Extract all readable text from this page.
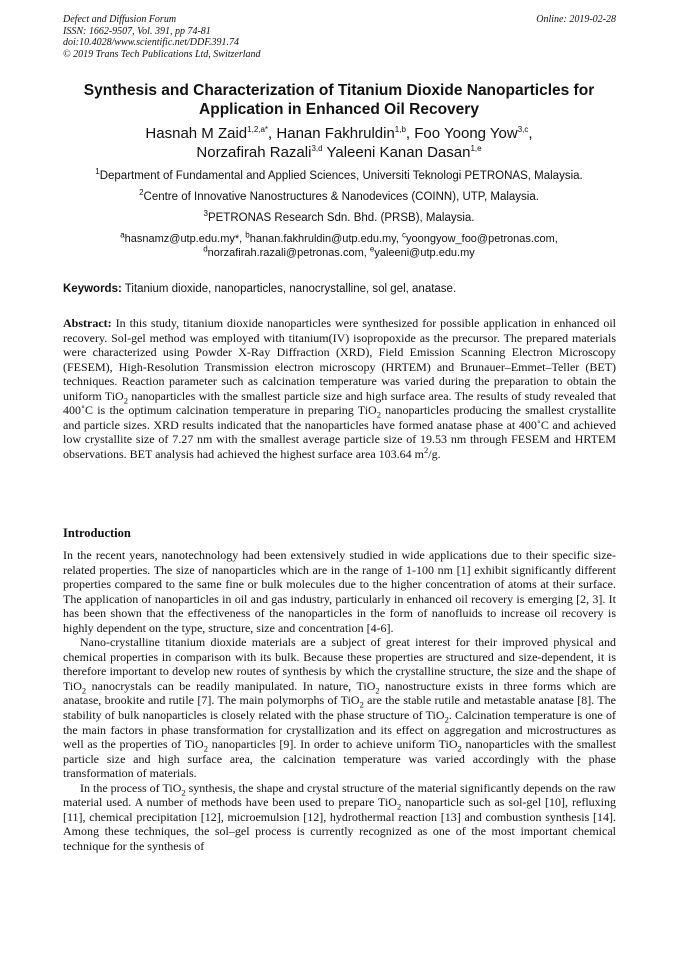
Defect and Diffusion Forum
ISSN: 1662-9507, Vol. 391, pp 74-81
doi:10.4028/www.scientific.net/DDF.391.74
© 2019 Trans Tech Publications Ltd, Switzerland
Online: 2019-02-28
Synthesis and Characterization of Titanium Dioxide Nanoparticles for Application in Enhanced Oil Recovery
Hasnah M Zaid$^{1,2,a*}$, Hanan Fakhruldin$^{1,b}$, Foo Yoong Yow$^{3,c}$,
Norzafirah Razali$^{3,d}$ Yaleeni Kanan Dasan$^{1,e}$
$^1$Department of Fundamental and Applied Sciences, Universiti Teknologi PETRONAS, Malaysia.
$^2$Centre of Innovative Nanostructures & Nanodevices (COINN), UTP, Malaysia.
$^3$PETRONAS Research Sdn. Bhd. (PRSB), Malaysia.
$^a$hasnamz@utp.edu.my*, $^b$hanan.fakhruldin@utp.edu.my, $^c$yoongyow_foo@petronas.com,
$^d$norzafirah.razali@petronas.com, $^e$yaleeni@utp.edu.my
Keywords: Titanium dioxide, nanoparticles, nanocrystalline, sol gel, anatase.
Abstract: In this study, titanium dioxide nanoparticles were synthesized for possible application in enhanced oil recovery. Sol-gel method was employed with titanium(IV) isopropoxide as the precursor. The prepared materials were characterized using Powder X-Ray Diffraction (XRD), Field Emission Scanning Electron Microscopy (FESEM), High-Resolution Transmission electron microscopy (HRTEM) and Brunauer–Emmet–Teller (BET) techniques. Reaction parameter such as calcination temperature was varied during the preparation to obtain the uniform TiO$_2$ nanoparticles with the smallest particle size and high surface area. The results of study revealed that 400˚C is the optimum calcination temperature in preparing TiO$_2$ nanoparticles producing the smallest crystallite and particle sizes. XRD results indicated that the nanoparticles have formed anatase phase at 400˚C and achieved low crystallite size of 7.27 nm with the smallest average particle size of 19.53 nm through FESEM and HRTEM observations. BET analysis had achieved the highest surface area 103.64 $m^2/g$.
Introduction

In the recent years, nanotechnology had been extensively studied in wide applications due to their specific size-related properties. The size of nanoparticles which are in the range of 1-100 nm [1] exhibit significantly different properties compared to the same fine or bulk molecules due to the higher concentration of atoms at their surface. The application of nanoparticles in oil and gas industry, particularly in enhanced oil recovery is emerging [2, 3]. It has been shown that the effectiveness of the nanoparticles in the form of nanofluids to increase oil recovery is highly dependent on the type, structure, size and concentration [4-6].

Nano-crystalline titanium dioxide materials are a subject of great interest for their improved physical and chemical properties in comparison with its bulk. Because these properties are structured and size-dependent, it is therefore important to develop new routes of synthesis by which the crystalline structure, the size and the shape of TiO$_2$ nanocrystals can be readily manipulated. In nature, TiO$_2$ nanostructure exists in three forms which are anatase, brookite and rutile [7]. The main polymorphs of TiO$_2$ are the stable rutile and metastable anatase [8]. The stability of bulk nanoparticles is closely related with the phase structure of TiO$_2$. Calcination temperature is one of the main factors in phase transformation for crystallization and its effect on aggregation and microstructures as well as the properties of TiO$_2$ nanoparticles [9]. In order to achieve uniform TiO$_2$ nanoparticles with the smallest particle size and high surface area, the calcination temperature was varied accordingly with the phase transformation of materials.

In the process of TiO$_2$ synthesis, the shape and crystal structure of the material significantly depends on the raw material used. A number of methods have been used to prepare TiO$_2$ nanoparticle such as sol-gel [10], refluxing [11], chemical precipitation [12], microemulsion [12], hydrothermal reaction [13] and combustion synthesis [14]. Among these techniques, the sol–gel process is currently recognized as one of the most important chemical technique for the synthesis of
